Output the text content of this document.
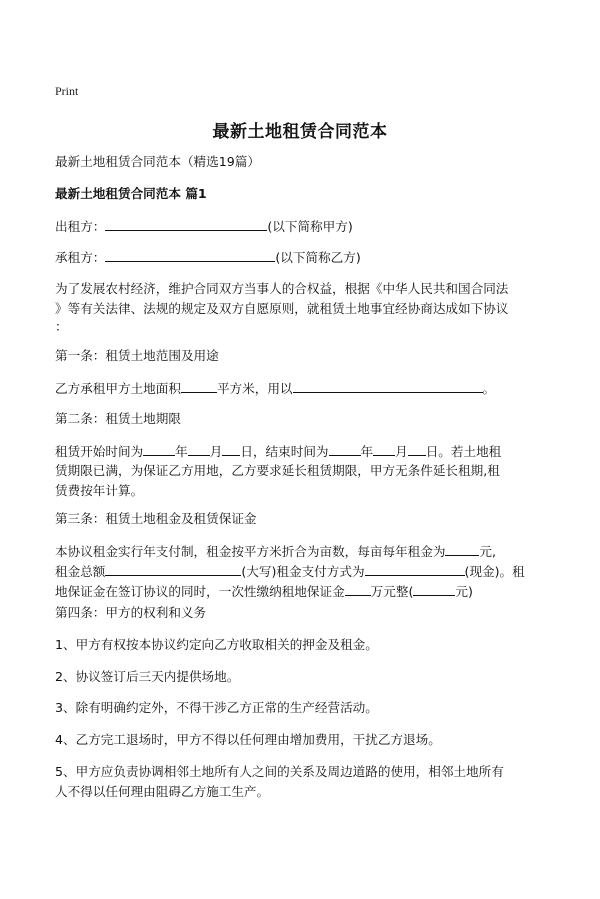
Print
最新土地租赁合同范本
最新土地租赁合同范本（精选19篇）
最新土地租赁合同范本 篇1
出租方：	(以下简称甲方)
承租方：	(以下简称乙方)
为了发展农村经济，维护合同双方当事人的合权益，根据《中华人民共和国合同法
》等有关法律、法规的规定及双方自愿原则，就租赁土地事宜经协商达成如下协议
：
第一条：租赁土地范围及用途
乙方承租甲方土地面积	平方米，用以	。
第二条：租赁土地期限
租赁开始时间为	年 月 日，结束时间为	年 月 日。若土地租
赁期限已满，为保证乙方用地，乙方要求延长租赁期限，甲方无条件延长租期,租
赁费按年计算。
第三条：租赁土地租金及租赁保证金
本协议租金实行年支付制，租金按平方米折合为亩数，每亩每年租金为	元,
租金总额	(大写)租金支付方式为	(现金)。租
地保证金在签订协议的同时，一次性缴纳租地保证金 万元整(	元)
第四条：甲方的权利和义务
1、甲方有权按本协议约定向乙方收取相关的押金及租金。
2、协议签订后三天内提供场地。
3、除有明确约定外，不得干涉乙方正常的生产经营活动。
4、乙方完工退场时，甲方不得以任何理由增加费用，干扰乙方退场。
5、甲方应负责协调相邻土地所有人之间的关系及周边道路的使用，相邻土地所有
人不得以任何理由阻碍乙方施工生产。
